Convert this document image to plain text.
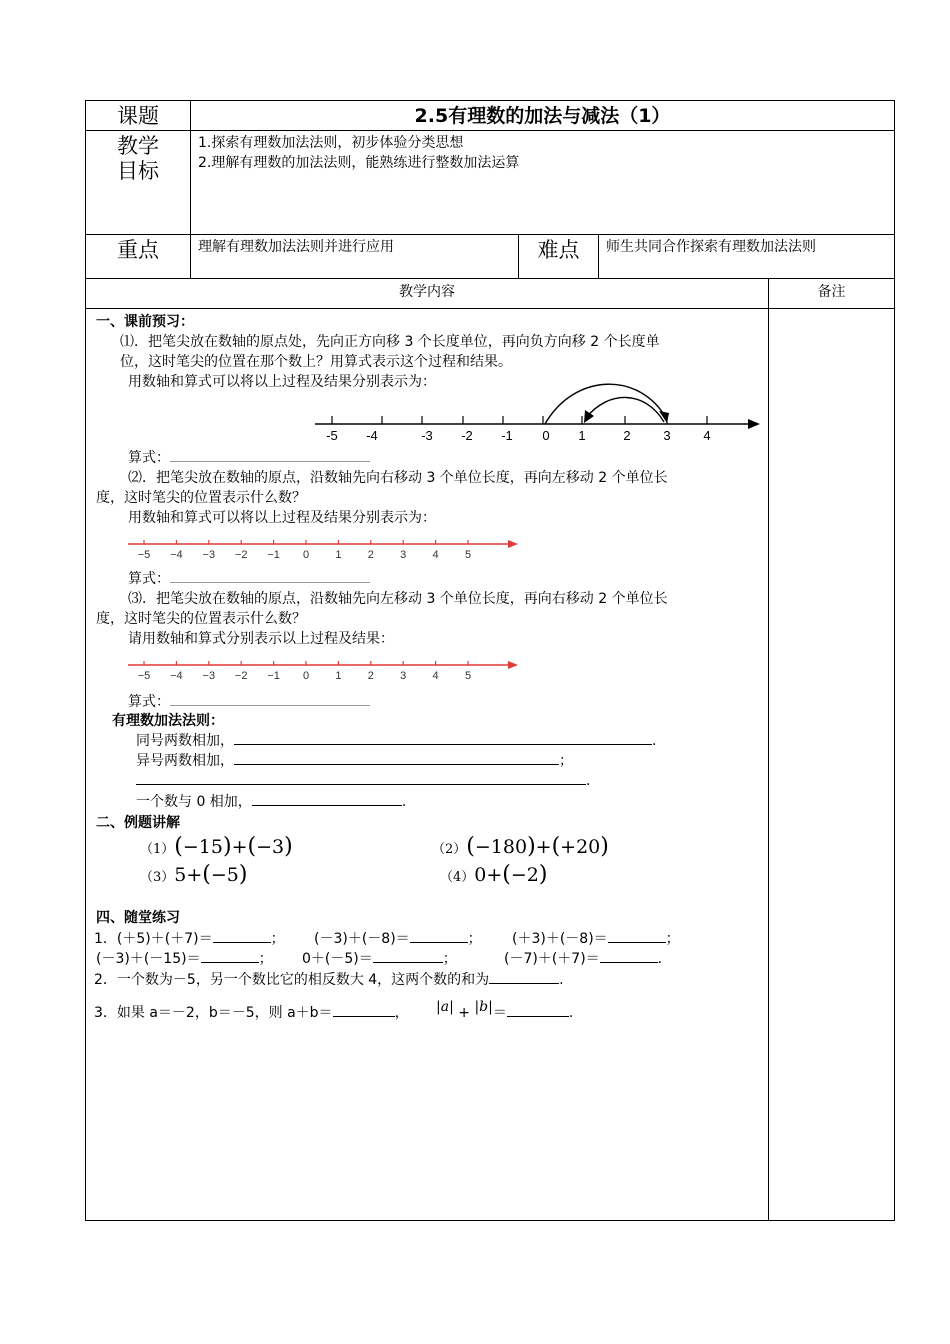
课题	2.5有理数的加法与减法（1）
教学
目标
1.探索有理数加法法则，初步体验分类思想
2.理解有理数的加法法则，能熟练进行整数加法运算
重点	理解有理数加法法则并进行应用	难点	师生共同合作探索有理数加法法则
教学内容	备注
一、课前预习：
⑴．把笔尖放在数轴的原点处，先向正方向移 3 个长度单位，再向负方向移 2 个长度单
位，这时笔尖的位置在那个数上？用算式表示这个过程和结果。
用数轴和算式可以将以上过程及结果分别表示为：
-5 -4	-3 -2 -1 0 1	2	3	4
算式：
⑵．把笔尖放在数轴的原点，沿数轴先向右移动 3 个单位长度，再向左移动 2 个单位长
度，这时笔尖的位置表示什么数？
用数轴和算式可以将以上过程及结果分别表示为：
−5 −4 −3 −2 −1 0 1 2 3 4 5
算式：
⑶．把笔尖放在数轴的原点，沿数轴先向左移动 3 个单位长度，再向右移动 2 个单位长
度，这时笔尖的位置表示什么数？
请用数轴和算式分别表示以上过程及结果：
−5 −4 −3 −2 −1 0 1 2 3 4 5
算式：
有理数加法法则：
同号两数相加，	.
异号两数相加，	；
.
一个数与 0 相加，	.
二、例题讲解
（1）(−15)+(−3)	（2）(−180)+(+20)
（3）5+(−5)	（4）0+(−2)
四、随堂练习
1．(＋5)＋(＋7)＝	； (－3)＋(－8)＝	； (＋3)＋(－8)＝	；
(－3)＋(－15)＝	； 0＋(－5)＝	；	(－7)＋(＋7)＝	.
2．一个数为－5，另一个数比它的相反数大 4，这两个数的和为	.
3．如果 a＝－2，b＝－5，则 a＋b＝	， |a| + |b|＝	.
